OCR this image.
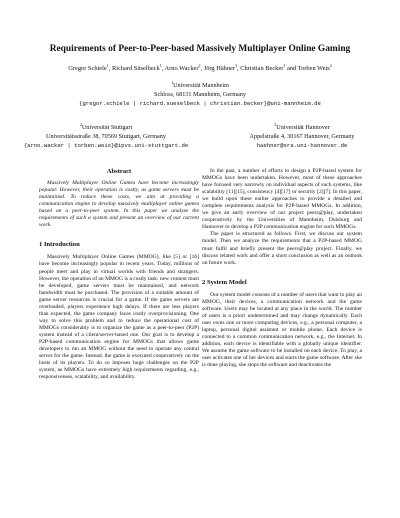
Requirements of Peer-to-Peer-based Massively Multiplayer Online Gaming
Gregor Schiele$^1$, Richard Süselbeck$^1$, Arno Wacker$^2$, Jörg Hähner$^3$, Christian Becker$^1$ and Torben Weis$^2$
$^1$Universität Mannheim
Schloss, 68131 Mannheim, Germany
{gregor.schiele | richard.sueselbeck | christian.becker}@uni-mannheim.de
$^2$Universität Stuttgart
Universitätsstraße 38, 70569 Stuttgart, Germany
{arno.wacker | torben.weis}@ipvs.uni-stuttgart.de
$^3$Universität Hannover
Appelstraße 4, 30167 Hannover, Germany
haehner@sra.uni-hannover.de
Abstract
Massively Multiplayer Online Games have become increasingly popular. However, their operation is costly, as game servers must be maintained. To reduce these costs, we aim at providing a communication engine to develop massively multiplayer online games based on a peer-to-peer system. In this paper we analyze the requirements of such a system and present an overview of our current work.
1 Introduction
Massively Multiplayer Online Games (MMOG), like [5] or [16] have become increasingly popular in recent years. Today, millions of people meet and play in virtual worlds with friends and strangers. However, the operation of an MMOG is a costly task: new content must be developed, game servers must be maintained, and network bandwidth must be purchased. The provision of a suitable amount of game server resources is crucial for a game. If the game servers are overloaded, players experience high delays. If there are less players than expected, the game company faces costly overprovisioning. One way to solve this problem and to reduce the operational cost of MMOGs considerably is to organize the game as a peer-to-peer (P2P) system instead of a client/server-based one. Our goal is to develop a P2P-based communication engine for MMOGs that allows game developers to run an MMOG without the need to operate any central server for the game. Instead, the game is executed cooperatively on the hosts of its players. To do so imposes huge challenges on the P2P system, as MMOGs have extremely high requirements regarding, e.g., responsiveness, scalability, and availability.
In the past, a number of efforts to design a P2P-based system for MMOGs have been undertaken. However, most of these approaches have focused very narrowly on individual aspects of such systems, like scalability [11][15], consistency [4][17] or security [2][7]. In this paper, we build upon these earlier approaches to provide a detailed and complete requirements analysis for P2P-based MMOGs. In addition, we give an early overview of our project peers@play, undertaken cooperatively by the Universities of Mannheim, Duisburg and Hannover to develop a P2P communication engine for such MMOGs.
The paper is structured as follows. First, we discuss our system model. Then we analyze the requirements that a P2P-based MMOG must fulfil and briefly present the peers@play project. Finally, we discuss related work and offer a short conclusion as well as an outlook on future work.
2 System Model
Our system model consists of a number of users that want to play an MMOG, their devices, a communication network and the game software. Users may be located at any place in the world. The number of users is a priori undetermined and may change dynamically. Each user owns one or more computing devices, e.g., a personal computer, a laptop, personal digital assistant or mobile phone. Each device is connected to a common communication network, e.g., the Internet. In addition, each device is identifiable with a globally unique identifier. We assume the game software to be installed on each device. To play, a user activates one of her devices and starts the game software. After she is done playing, she stops the software and deactivates the
